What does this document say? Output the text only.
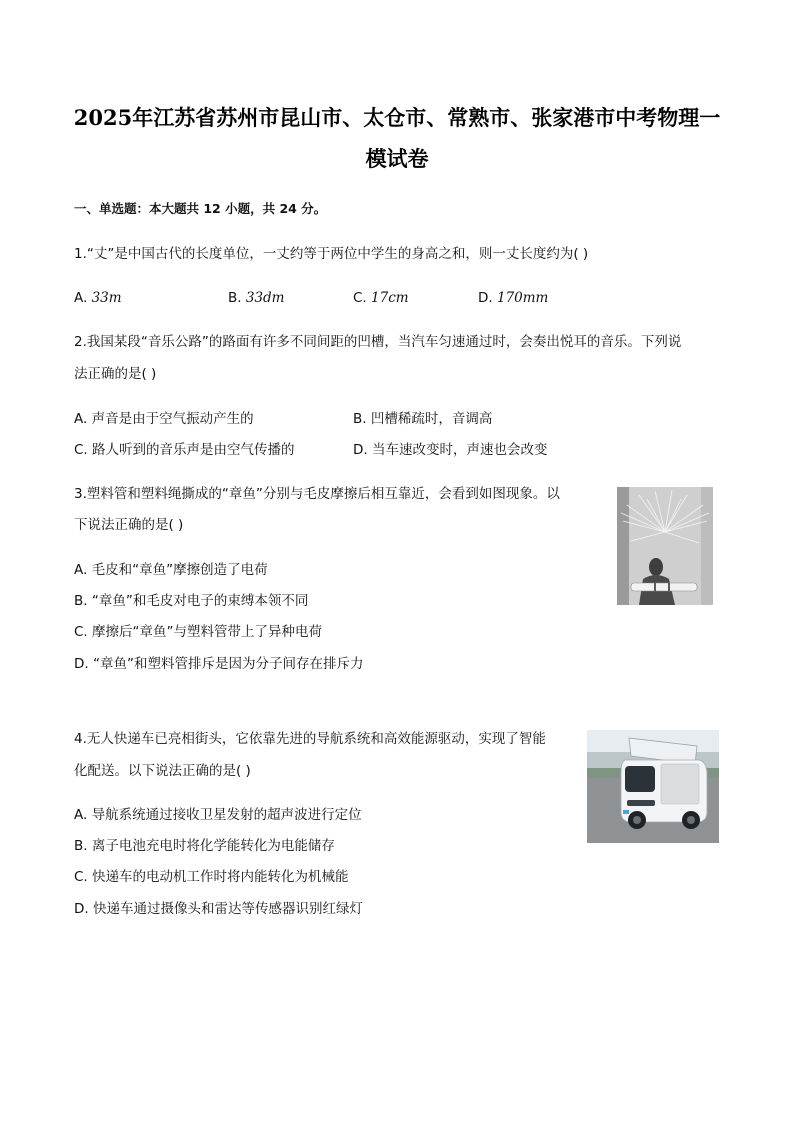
2025年江苏省苏州市昆山市、太仓市、常熟市、张家港市中考物理一
模试卷
一、单选题：本大题共 12 小题，共 24 分。
1.“丈”是中国古代的长度单位，一丈约等于两位中学生的身高之和，则一丈长度约为( )
A. 33m	B. 33dm	C. 17cm	D. 170mm
2.我国某段“音乐公路”的路面有许多不同间距的凹槽，当汽车匀速通过时，会奏出悦耳的音乐。下列说
法正确的是( )
A. 声音是由于空气振动产生的	B. 凹槽稀疏时，音调高
C. 路人听到的音乐声是由空气传播的	D. 当车速改变时，声速也会改变
3.塑料管和塑料绳撕成的“章鱼”分别与毛皮摩擦后相互靠近，会看到如图现象。以
下说法正确的是( )
A. 毛皮和“章鱼”摩擦创造了电荷
B. “章鱼”和毛皮对电子的束缚本领不同
C. 摩擦后“章鱼”与塑料管带上了异种电荷
D. “章鱼”和塑料管排斥是因为分子间存在排斥力
4.无人快递车已亮相街头，它依靠先进的导航系统和高效能源驱动，实现了智能
化配送。以下说法正确的是( )
A. 导航系统通过接收卫星发射的超声波进行定位
B. 离子电池充电时将化学能转化为电能储存
C. 快递车的电动机工作时将内能转化为机械能
D. 快递车通过摄像头和雷达等传感器识别红绿灯
